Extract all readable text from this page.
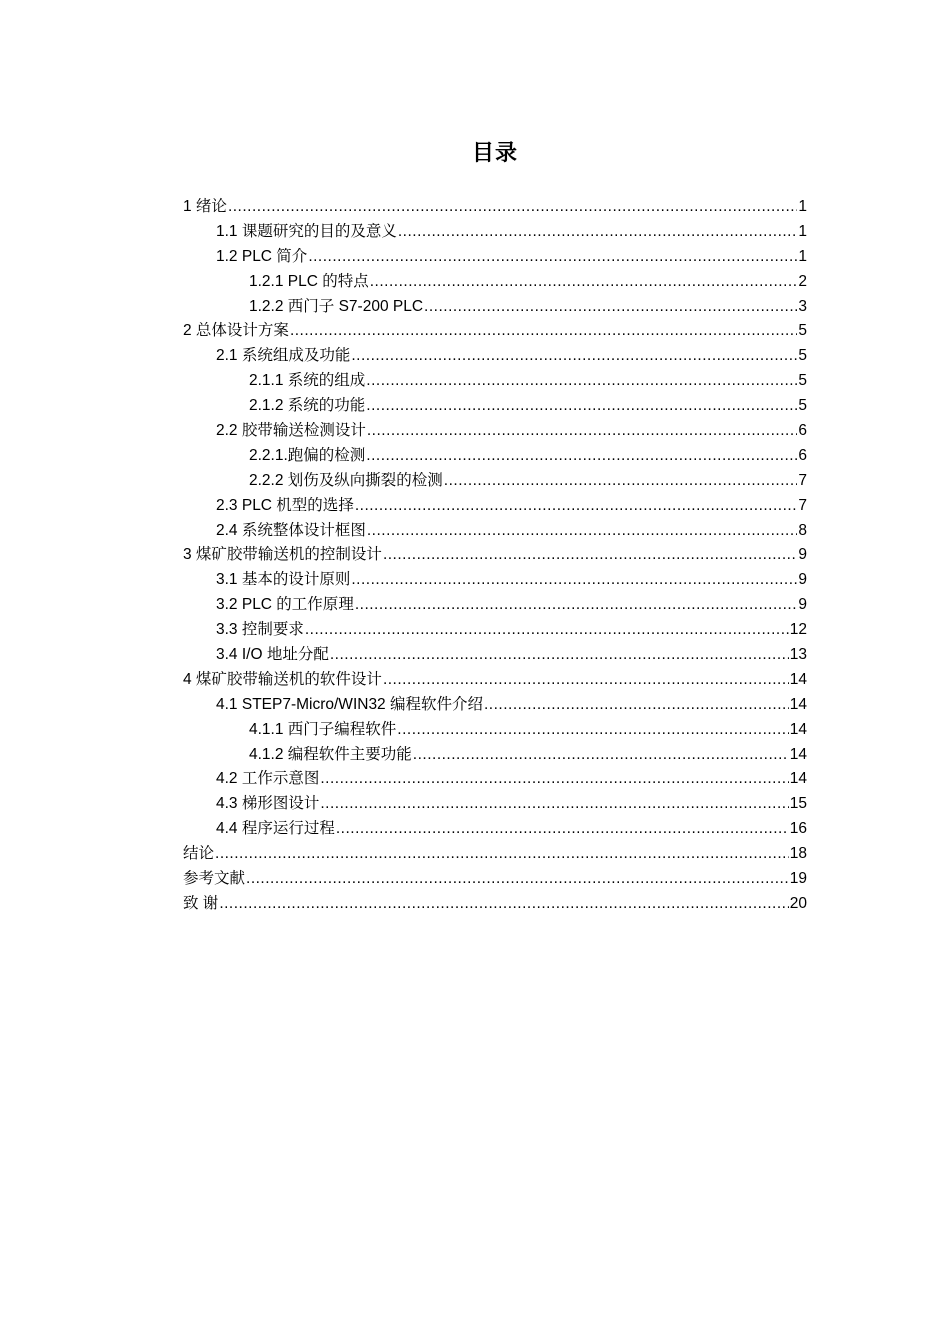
目录
1 绪论 .....	1
1.1 课题研究的目的及意义 .....	1
1.2 PLC 简介 .....	1
1.2.1 PLC 的特点 .....	2
1.2.2 西门子 S7-200 PLC .....	3
2 总体设计方案 .....	5
2.1 系统组成及功能 .....	5
2.1.1 系统的组成 .....	5
2.1.2 系统的功能 .....	5
2.2 胶带输送检测设计 .....	6
2.2.1.跑偏的检测 .....	6
2.2.2 划伤及纵向撕裂的检测 .....	7
2.3 PLC 机型的选择 .....	7
2.4 系统整体设计框图 .....	8
3 煤矿胶带输送机的控制设计 .....	9
3.1 基本的设计原则 .....	9
3.2 PLC 的工作原理 .....	9
3.3 控制要求 .....	12
3.4 I/O 地址分配 .....	13
4 煤矿胶带输送机的软件设计 .....	14
4.1 STEP7-Micro/WIN32 编程软件介绍 .....	14
4.1.1 西门子编程软件 .....	14
4.1.2 编程软件主要功能 .....	14
4.2 工作示意图 .....	14
4.3 梯形图设计 .....	15
4.4 程序运行过程 .....	16
结论 .....	18
参考文献 .....	19
致 谢 .....	20
